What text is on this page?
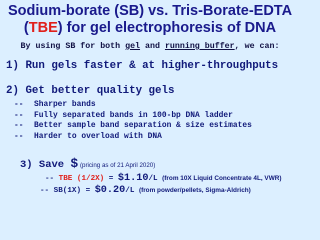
Sodium-borate (SB) vs. Tris-Borate-EDTA
(TBE) for gel electrophoresis of DNA
By using SB for both gel and running buffer, we can:
1) Run gels faster & at higher-throughputs
2) Get better quality gels
-- Sharper bands
-- Fully separated bands in 100-bp DNA ladder
-- Better sample band separation & size estimates
-- Harder to overload with DNA
3) Save $ (pricing as of 21 April 2020)
-- TBE (1/2X) = $1.10/L (from 10X Liquid Concentrate 4L, VWR)
-- SB(1X) = $0.20/L (from powder/pellets, Sigma-Aldrich)
